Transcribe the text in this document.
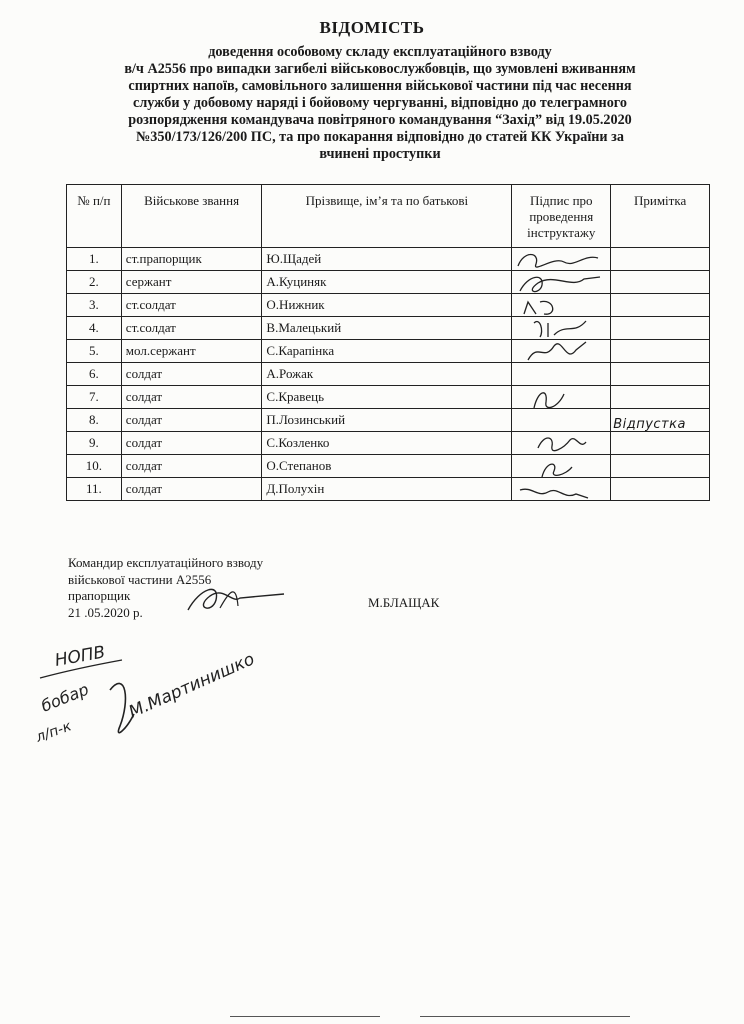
ВІДОМІСТЬ
доведення особовому складу експлуатаційного взводу
в/ч А2556 про випадки загибелі військовослужбовців, що зумовлені вживанням
спиртних напоїв, самовільного залишення військової частини під час несення
служби у добовому наряді і бойовому чергуванні, відповідно до телеграмного
розпорядження командувача повітряного командування “Захід” від 19.05.2020
№350/173/126/200 ПС, та про покарання відповідно до статей КК України за
вчинені проступки
№ п/п	Військове звання	Прізвище, ім’я та по батькові	Підпис про проведення інструктажу	Примітка
1.	ст.прапорщик	Ю.Щадей	

2.	сержант	А.Куциняк	

3.	ст.солдат	О.Нижник	

4.	ст.солдат	В.Малецький	

5.	мол.сержант	С.Карапінка	

6.	солдат	А.Рожак		

7.	солдат	С.Кравець	

8.	солдат	П.Лозинський		Відпустка

9.	солдат	С.Козленко	

10.	солдат	О.Степанов	

11.	солдат	Д.Полухін	

Командир експлуатаційного взводу
військової частини А2556
прапорщик
21 .05.2020 р.
М.БЛАЩАК
НОПВ
бобар
л/п-к
М.Мартинишко
